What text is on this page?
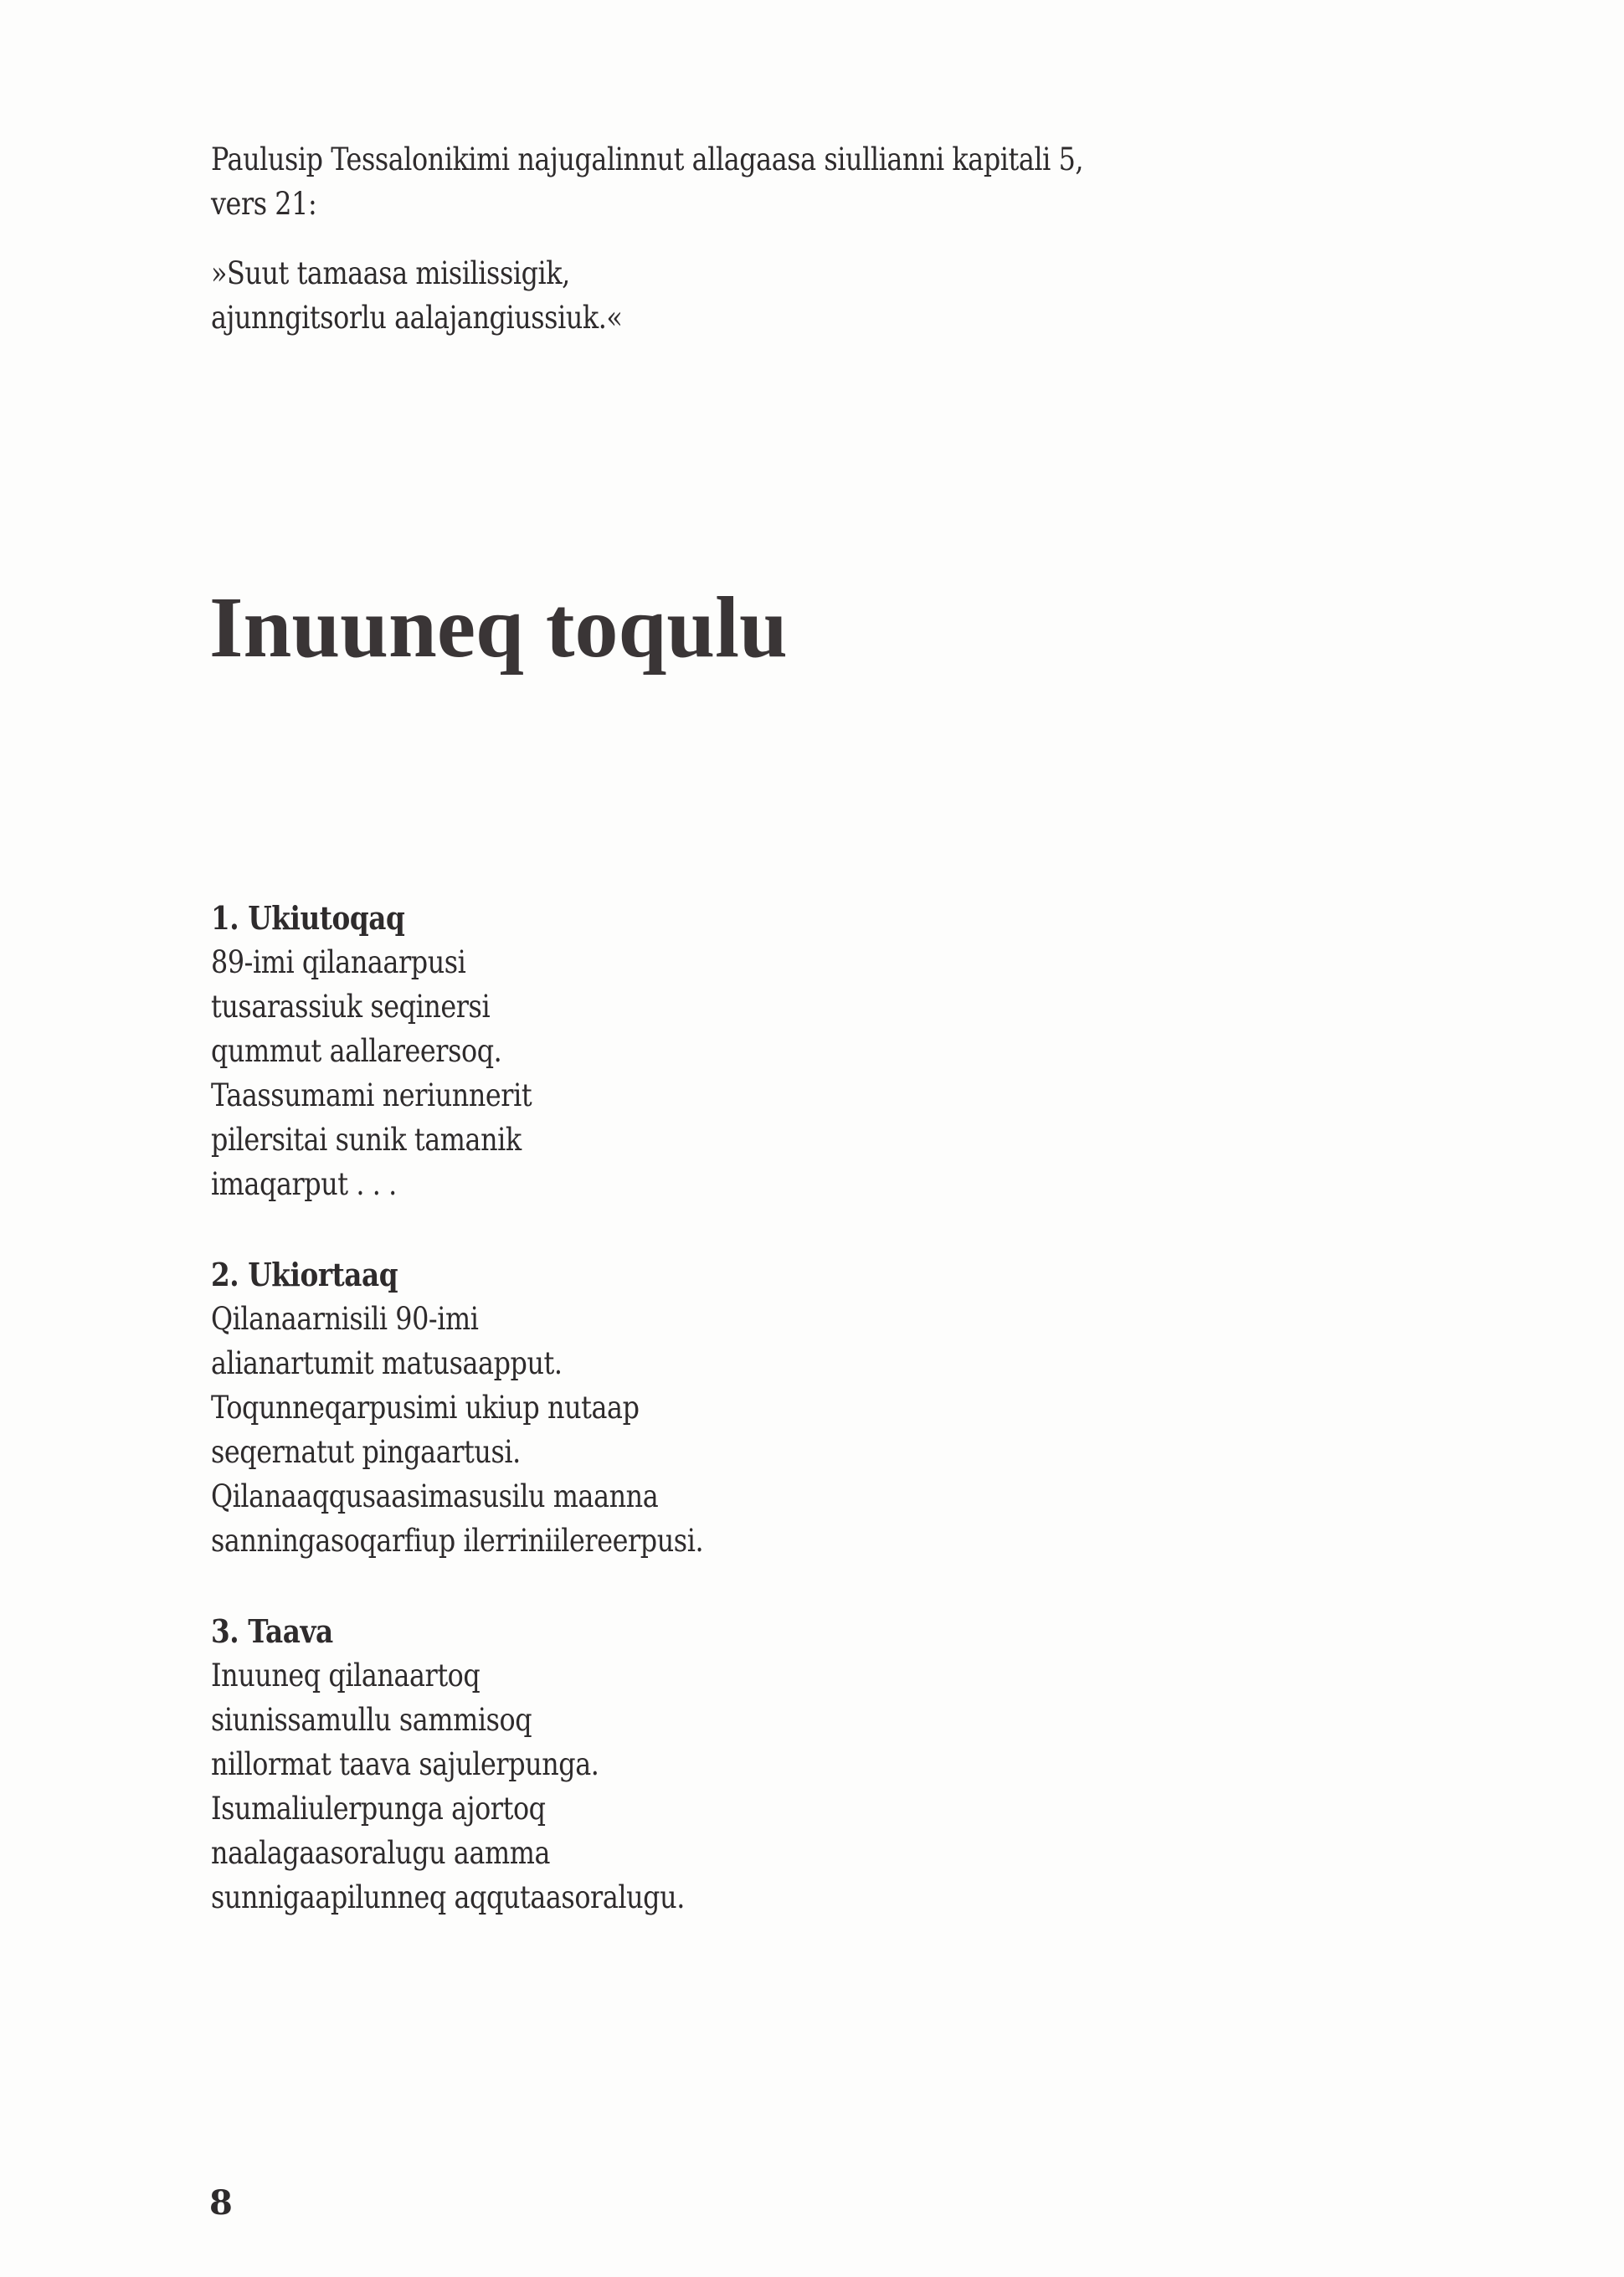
Paulusip Tessalonikimi najugalinnut allagaasa siullianni kapitali 5,
vers 21:
»Suut tamaasa misilissigik,
ajunngitsorlu aalajangiussiuk.«
Inuuneq toqulu
1. Ukiutoqaq
89-imi qilanaarpusi
tusarassiuk seqinersi
qummut aallareersoq.
Taassumami neriunnerit
pilersitai sunik tamanik
imaqarput . . .
2. Ukiortaaq
Qilanaarnisili 90-imi
alianartumit matusaapput.
Toqunneqarpusimi ukiup nutaap
seqernatut pingaartusi.
Qilanaaqqusaasimasusilu maanna
sanningasoqarfiup ilerriniilereerpusi.
3. Taava
Inuuneq qilanaartoq
siunissamullu sammisoq
nillormat taava sajulerpunga.
Isumaliulerpunga ajortoq
naalagaasoralugu aamma
sunnigaapilunneq aqqutaasoralugu.
8
